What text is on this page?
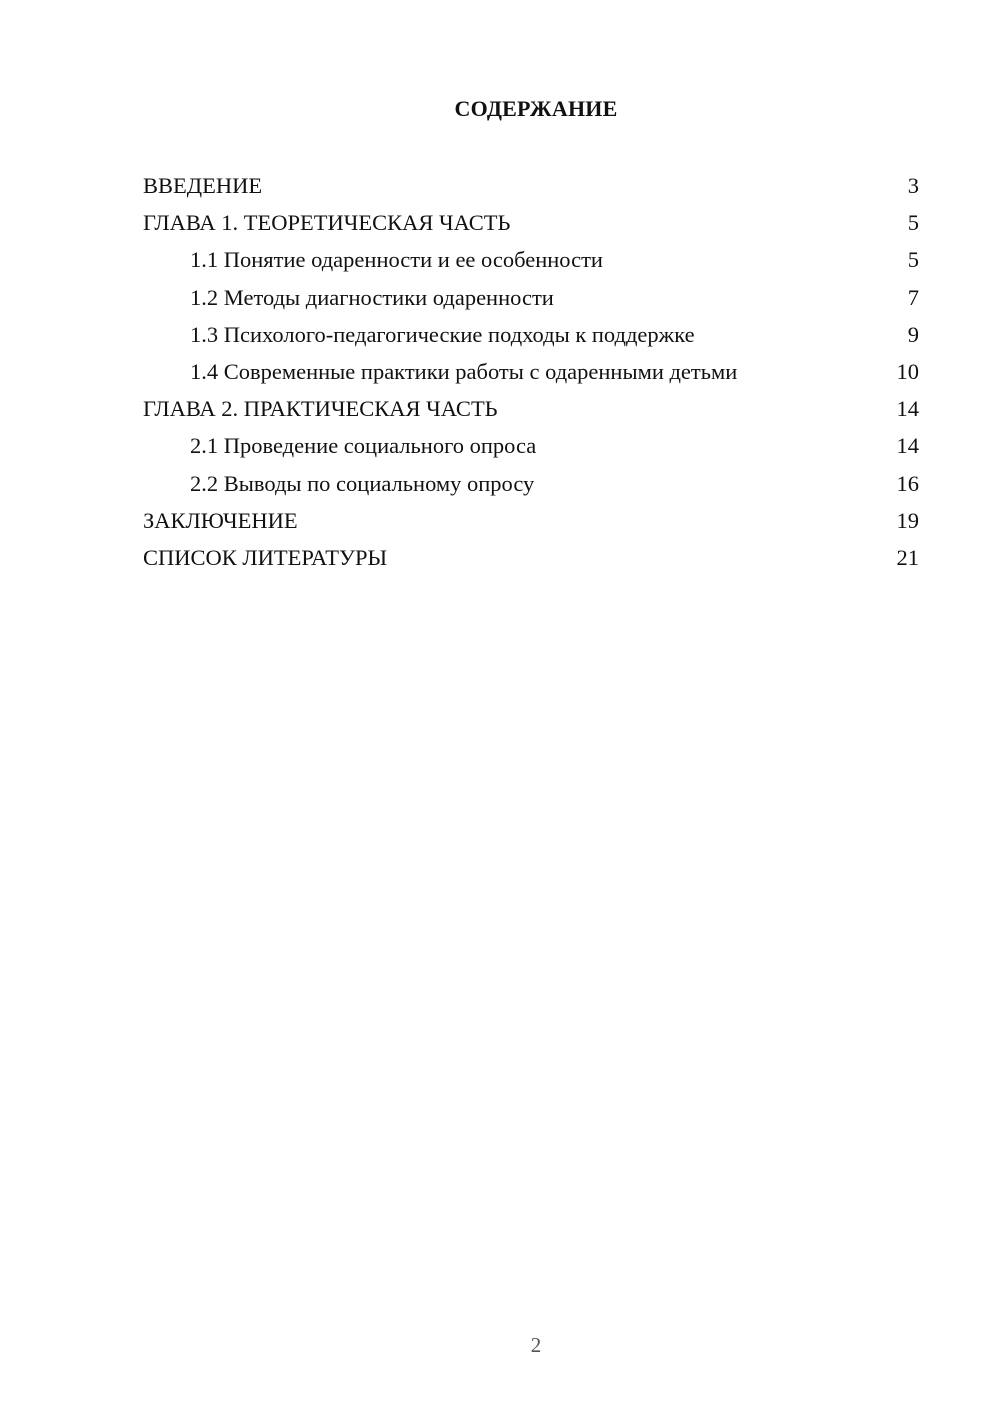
СОДЕРЖАНИЕ
ВВЕДЕНИЕ	3
ГЛАВА 1. ТЕОРЕТИЧЕСКАЯ ЧАСТЬ	5
1.1 Понятие одаренности и ее особенности	5
1.2 Методы диагностики одаренности	7
1.3 Психолого-педагогические подходы к поддержке	9
1.4 Современные практики работы с одаренными детьми	10
ГЛАВА 2. ПРАКТИЧЕСКАЯ ЧАСТЬ	14
2.1 Проведение социального опроса	14
2.2 Выводы по социальному опросу	16
ЗАКЛЮЧЕНИЕ	19
СПИСОК ЛИТЕРАТУРЫ	21
2
